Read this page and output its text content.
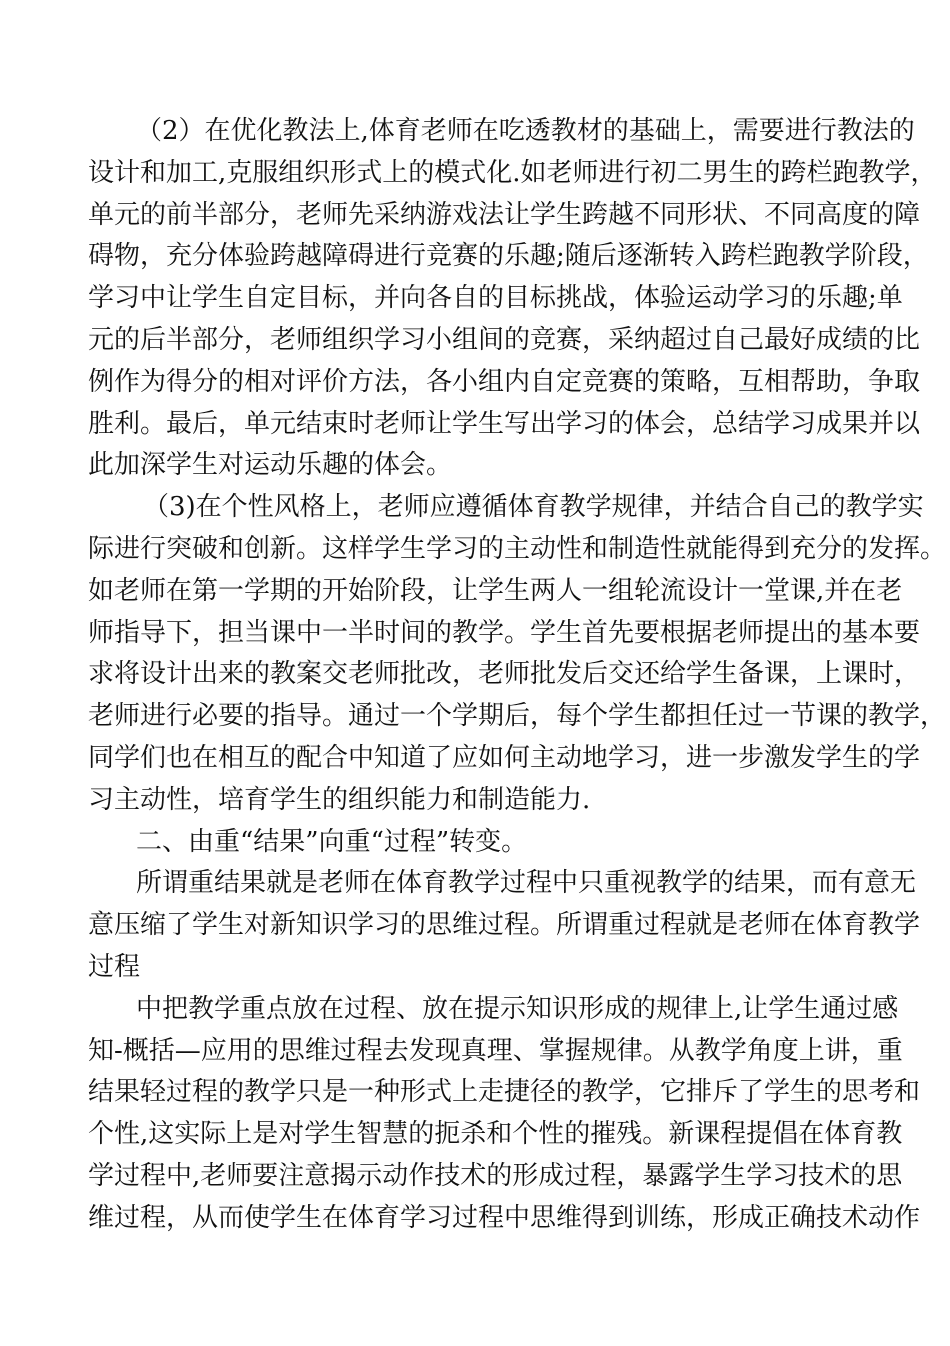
（2）在优化教法上,体育老师在吃透教材的基础上，需要进行教法的
设计和加工,克服组织形式上的模式化.如老师进行初二男生的跨栏跑教学，
单元的前半部分，老师先采纳游戏法让学生跨越不同形状、不同高度的障
碍物，充分体验跨越障碍进行竞赛的乐趣;随后逐渐转入跨栏跑教学阶段，
学习中让学生自定目标，并向各自的目标挑战，体验运动学习的乐趣;单
元的后半部分，老师组织学习小组间的竞赛，采纳超过自己最好成绩的比
例作为得分的相对评价方法，各小组内自定竞赛的策略，互相帮助，争取
胜利。最后，单元结束时老师让学生写出学习的体会，总结学习成果并以
此加深学生对运动乐趣的体会。
（3)在个性风格上，老师应遵循体育教学规律，并结合自己的教学实
际进行突破和创新。这样学生学习的主动性和制造性就能得到充分的发挥。
如老师在第一学期的开始阶段，让学生两人一组轮流设计一堂课,并在老
师指导下，担当课中一半时间的教学。学生首先要根据老师提出的基本要
求将设计出来的教案交老师批改，老师批发后交还给学生备课，上课时，
老师进行必要的指导。通过一个学期后，每个学生都担任过一节课的教学，
同学们也在相互的配合中知道了应如何主动地学习，进一步激发学生的学
习主动性，培育学生的组织能力和制造能力.
二、由重“结果”向重“过程”转变。
所谓重结果就是老师在体育教学过程中只重视教学的结果，而有意无
意压缩了学生对新知识学习的思维过程。所谓重过程就是老师在体育教学
过程
中把教学重点放在过程、放在提示知识形成的规律上,让学生通过感
知-概括—应用的思维过程去发现真理、掌握规律。从教学角度上讲，重
结果轻过程的教学只是一种形式上走捷径的教学，它排斥了学生的思考和
个性,这实际上是对学生智慧的扼杀和个性的摧残。新课程提倡在体育教
学过程中,老师要注意揭示动作技术的形成过程，暴露学生学习技术的思
维过程，从而使学生在体育学习过程中思维得到训练，形成正确技术动作
